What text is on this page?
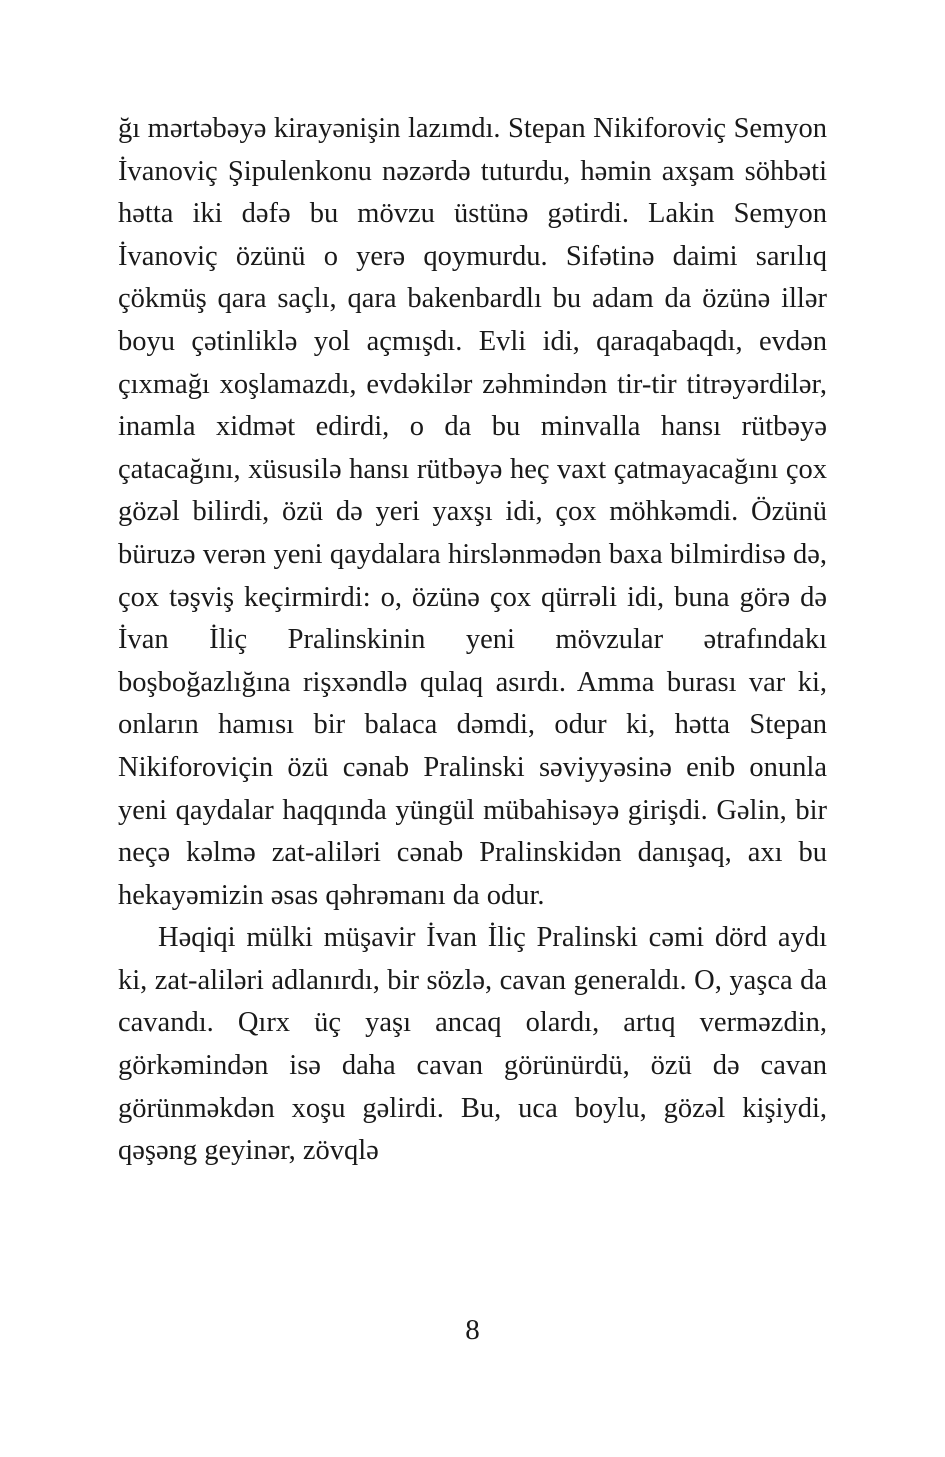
ğı mərtəbəyə kirayənişin lazımdı. Stepan Nikiforoviç Semyon İvanoviç Şipulenkonu nəzərdə tuturdu, həmin axşam söhbəti hətta iki dəfə bu mövzu üstünə gətirdi. Lakin Semyon İvanoviç özünü o yerə qoymurdu. Sifətinə daimi sarılıq çökmüş qara saçlı, qara bakenbardlı bu adam da özünə illər boyu çətinliklə yol açmışdı. Evli idi, qaraqabaqdı, evdən çıxmağı xoşlamazdı, evdəkilər zəhmindən tir-tir titrəyərdilər, inamla xidmət edirdi, o da bu minvalla hansı rütbəyə çatacağını, xüsusilə hansı rütbəyə heç vaxt çatmayacağını çox gözəl bilirdi, özü də yeri yaxşı idi, çox möhkəmdi. Özünü büruzə verən yeni qaydalara hirslənmədən baxa bilmirdisə də, çox təşviş keçirmirdi: o, özünə çox qürrəli idi, buna görə də İvan İliç Pralinskinin yeni mövzular ətrafındakı boşboğazlığına rişxəndlə qulaq asırdı. Amma burası var ki, onların hamısı bir balaca dəmdi, odur ki, hətta Stepan Nikiforoviçin özü cənab Pralinski səviyyəsinə enib onunla yeni qaydalar haqqında yüngül mübahisəyə girişdi. Gəlin, bir neçə kəlmə zat-aliləri cənab Pralinskidən danışaq, axı bu hekayəmizin əsas qəhrəmanı da odur.

Həqiqi mülki müşavir İvan İliç Pralinski cəmi dörd aydı ki, zat-aliləri adlanırdı, bir sözlə, cavan generaldı. O, yaşca da cavandı. Qırx üç yaşı ancaq olardı, artıq verməzdin, görkəmindən isə daha cavan görünürdü, özü də cavan görünməkdən xoşu gəlirdi. Bu, uca boylu, gözəl kişiydi, qəşəng geyinər, zövqlə

8
